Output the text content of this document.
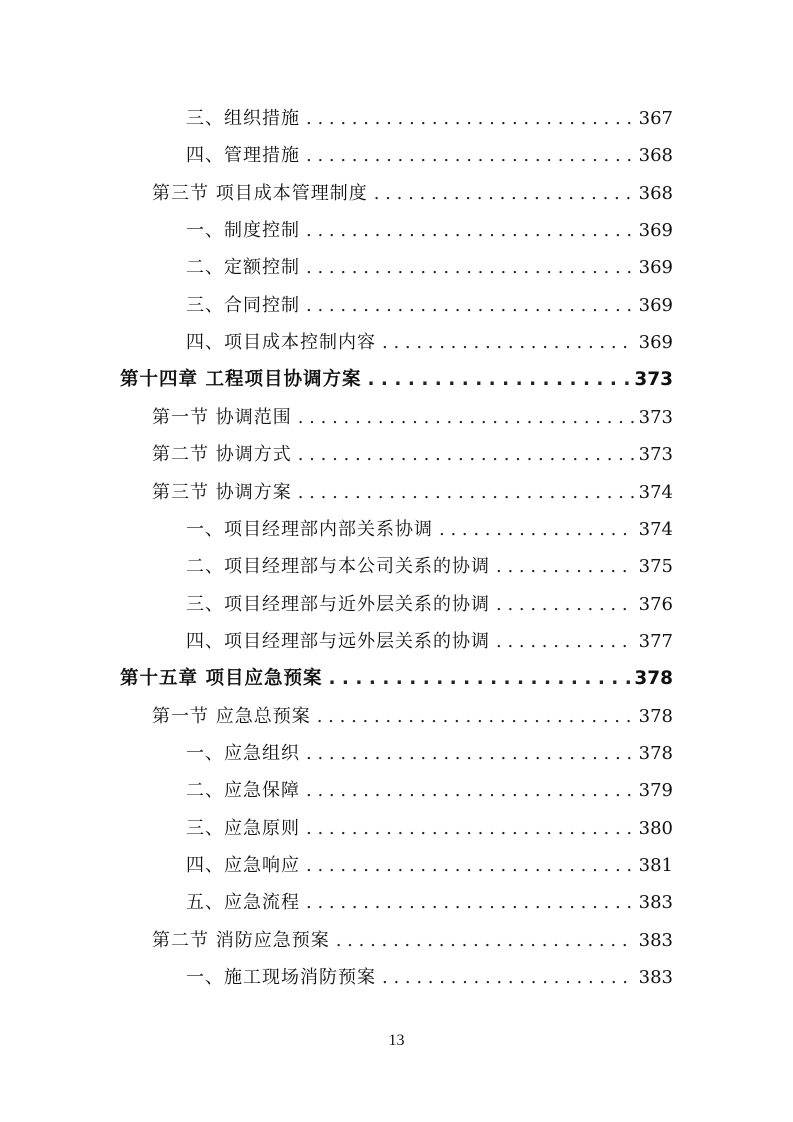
三、组织措施 . . .	367
四、管理措施 . . .	368
第三节 项目成本管理制度 . . .	368
一、制度控制 . . .	369
二、定额控制 . . .	369
三、合同控制 . . .	369
四、项目成本控制内容 . . .	369
第十四章 工程项目协调方案 . . .	373
第一节 协调范围 . . .	373
第二节 协调方式 . . .	373
第三节 协调方案 . . .	374
一、项目经理部内部关系协调 . . .	374
二、项目经理部与本公司关系的协调 . . .	375
三、项目经理部与近外层关系的协调 . . .	376
四、项目经理部与远外层关系的协调 . . .	377
第十五章 项目应急预案 . . .	378
第一节 应急总预案 . . .	378
一、应急组织 . . .	378
二、应急保障 . . .	379
三、应急原则 . . .	380
四、应急响应 . . .	381
五、应急流程 . . .	383
第二节 消防应急预案 . . .	383
一、施工现场消防预案 . . .	383
13
